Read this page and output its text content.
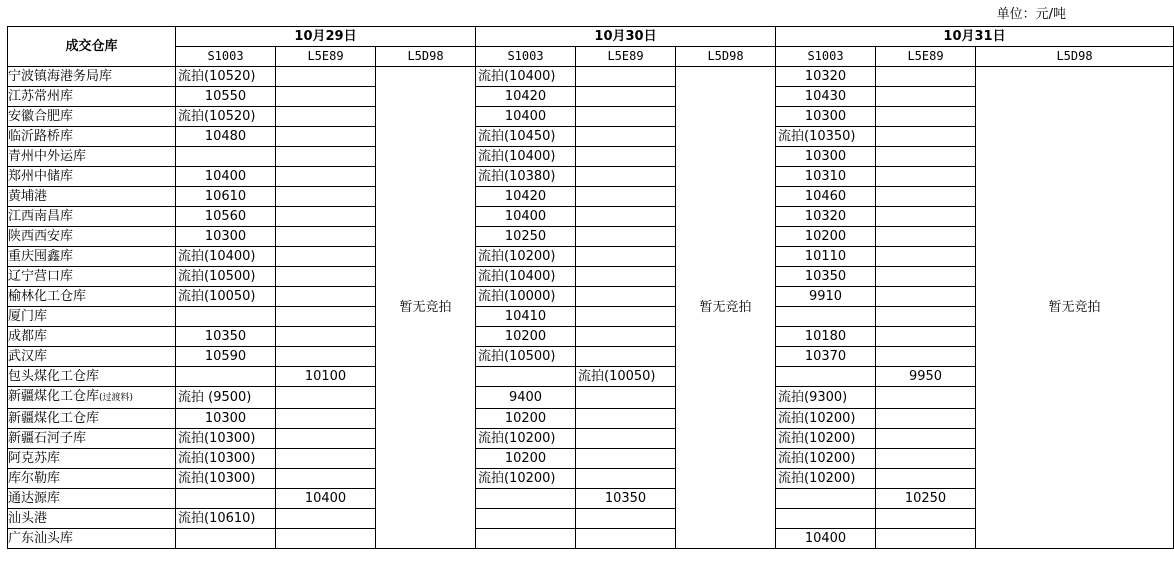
单位：元/吨
成交仓库	10月29日			10月30日			10月31日		
	S1003	L5E89	L5D98	S1003	L5E89	L5D98	S1003	L5E89	L5D98
宁波镇海港务局库	流拍(10520)		暂无竞拍	流拍(10400)		暂无竞拍	10320		暂无竞拍
江苏常州库	10550			10420			10430		
安徽合肥库	流拍(10520)			10400			10300		
临沂路桥库	10480			流拍(10450)			流拍(10350)		
青州中外运库				流拍(10400)			10300		
郑州中储库	10400			流拍(10380)			10310		
黄埔港	10610			10420			10460		
江西南昌库	10560			10400			10320		
陕西西安库	10300			10250			10200		
重庆囤鑫库	流拍(10400)			流拍(10200)			10110		
辽宁营口库	流拍(10500)			流拍(10400)			10350		
榆林化工仓库	流拍(10050)			流拍(10000)			9910		
厦门库				10410					
成都库	10350			10200			10180		
武汉库	10590			流拍(10500)			10370		
包头煤化工仓库		10100			流拍(10050)			9950	
新疆煤化工仓库(过渡料)	流拍 (9500)			9400			流拍(9300)		
新疆煤化工仓库	10300			10200			流拍(10200)		
新疆石河子库	流拍(10300)			流拍(10200)			流拍(10200)		
阿克苏库	流拍(10300)			10200			流拍(10200)		
库尔勒库	流拍(10300)			流拍(10200)			流拍(10200)		
通达源库		10400			10350			10250	
汕头港	流拍(10610)								
广东汕头库							10400		
